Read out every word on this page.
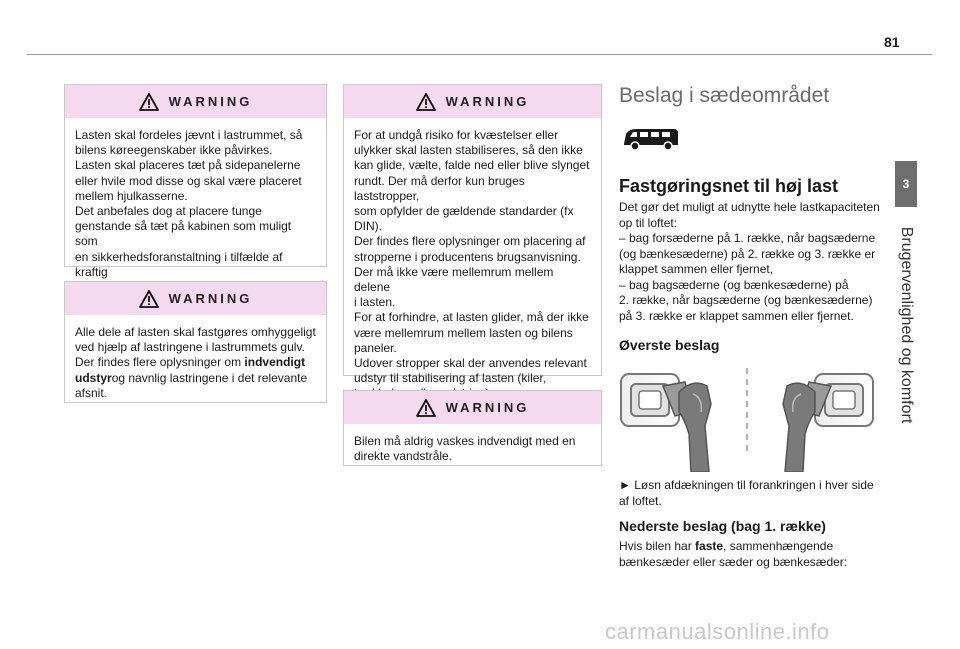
81
3
Brugervenlighed og komfort
WARNING

Lasten skal fordeles jævnt i lastrummet, så

bilens køreegenskaber ikke påvirkes.

Lasten skal placeres tæt på sidepanelerne

eller hvile mod disse og skal være placeret

mellem hjulkasserne.

Det anbefales dog at placere tunge

genstande så tæt på kabinen som muligt som

en sikkerhedsforanstaltning i tilfælde af kraftig

WARNING

Alle dele af lasten skal fastgøres omhyggeligt

ved hjælp af lastringene i lastrummets gulv.

Der findes flere oplysninger om indvendigt

udstyrog navnlig lastringene i det relevante

afsnit.

WARNING

For at undgå risiko for kvæstelser eller

ulykker skal lasten stabiliseres, så den ikke

kan glide, vælte, falde ned eller blive slynget

rundt. Der må derfor kun bruges laststropper,

som opfylder de gældende standarder (fx

DIN).

Der findes flere oplysninger om placering af

stropperne i producentens brugsanvisning.

Der må ikke være mellemrum mellem delene

i lasten.

For at forhindre, at lasten glider, må der ikke

være mellemrum mellem lasten og bilens

paneler.

Udover stropper skal der anvendes relevant

udstyr til stabilisering af lasten (kiler,

WARNING

Bilen må aldrig vaskes indvendigt med en

direkte vandstråle.

Beslag i sædeområdet
Fastgøringsnet til høj last

Det gør det muligt at udnytte hele lastkapaciteten

op til loftet:

– bag forsæderne på 1. række, når bagsæderne

(og bænkesæderne) på 2. række og 3. række er

klappet sammen eller fjernet,

– bag bagsæderne (og bænkesæderne) på

2. række, når bagsæderne (og bænkesæderne)

på 3. række er klappet sammen eller fjernet.

Øverste beslag

► Løsn afdækningen til forankringen i hver side

af loftet.

Nederste beslag (bag 1. række)

Hvis bilen har faste, sammenhængende

bænkesæder eller sæder og bænkesæder:

carmanualsonline.info
